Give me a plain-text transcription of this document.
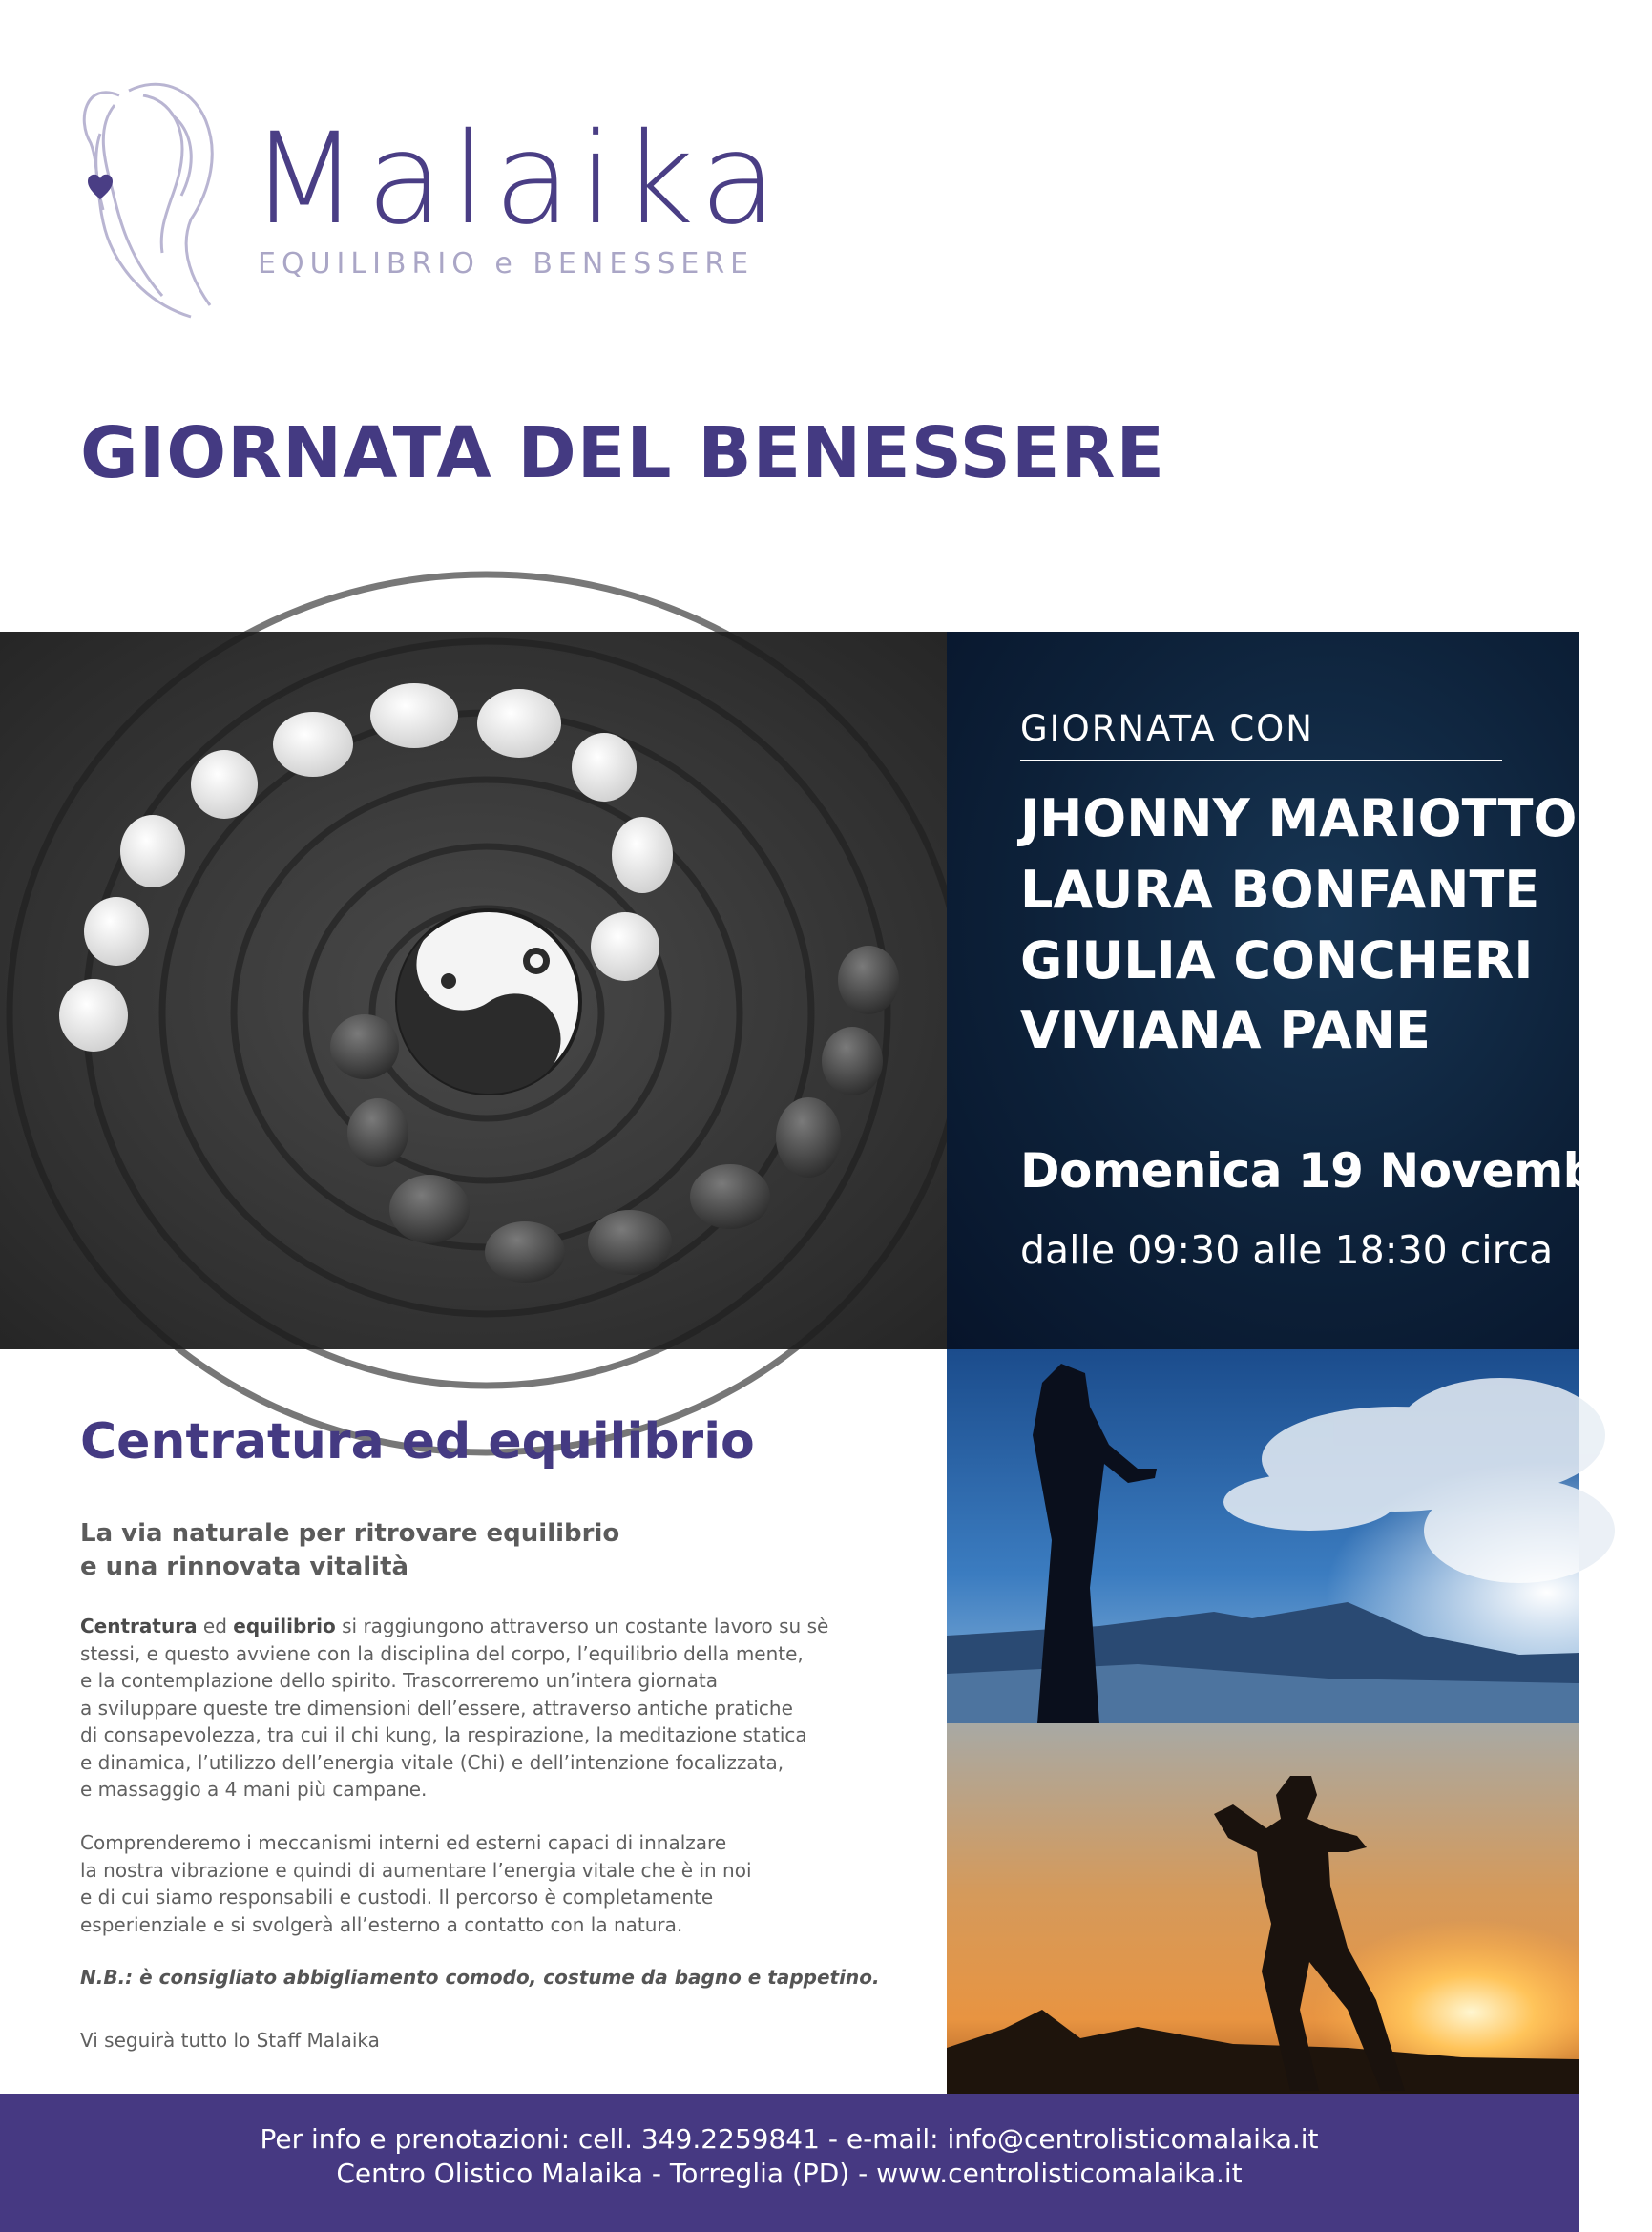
Malaika
EQUILIBRIO e BENESSERE
GIORNATA DEL BENESSERE
GIORNATA CON
JHONNY MARIOTTO
LAURA BONFANTE
GIULIA CONCHERI
VIVIANA PANE
Domenica 19 Novembre
dalle 09:30 alle 18:30 circa
Centratura ed equilibrio
La via naturale per ritrovare equilibrio
e una rinnovata vitalità
Centratura ed equilibrio si raggiungono attraverso un costante lavoro su sè
stessi, e questo avviene con la disciplina del corpo, l’equilibrio della mente,
e la contemplazione dello spirito. Trascorreremo un’intera giornata
a sviluppare queste tre dimensioni dell’essere, attraverso antiche pratiche
di consapevolezza, tra cui il chi kung, la respirazione, la meditazione statica
e dinamica, l’utilizzo dell’energia vitale (Chi) e dell’intenzione focalizzata,
e massaggio a 4 mani più campane.
Comprenderemo i meccanismi interni ed esterni capaci di innalzare
la nostra vibrazione e quindi di aumentare l’energia vitale che è in noi
e di cui siamo responsabili e custodi. Il percorso è completamente
esperienziale e si svolgerà all’esterno a contatto con la natura.
N.B.: è consigliato abbigliamento comodo, costume da bagno e tappetino.
Vi seguirà tutto lo Staff Malaika
Per info e prenotazioni: cell. 349.2259841 - e-mail: info@centrolisticomalaika.it
Centro Olistico Malaika - Torreglia (PD) - www.centrolisticomalaika.it
